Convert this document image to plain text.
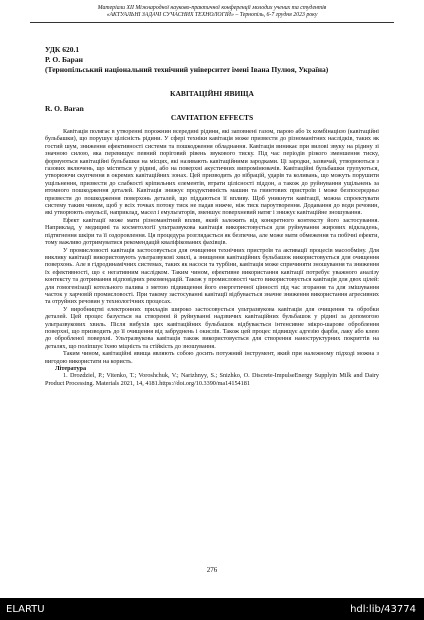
Матеріали XII Міжнародної науково-практичної конференції молодих учених та студентів
«АКТУАЛЬНІ ЗАДАЧІ СУЧАСНИХ ТЕХНОЛОГІЙ» – Тернопіль, 6-7 грудня 2023 року
УДК 620.1
Р. О. Баран
(Тернопільський національний технічний університет імені Івана Пулюя, Україна)
КАВІТАЦІЙНІ ЯВИЩА
R. O. Baran
CAVITATION EFFECTS

Кавітація полягає в утворенні порожнин всередині рідини, які заповнені газом, парою або їх комбінацією (кавітаційні бульбашки), що порушує цілісність рідини. У сфері техніки кавітація може призвести до різноманітних наслідків, таких як гостий шум, зниження ефективності системи та пошкодження обладнання. Кавітація виникає при вилові звуку на рідину зі значною силою, яка перевищує певний поріговий рівень звукового тиску. Під час періодів різкого зменшення тиску, формуються кавітаційні бульбашки на місцях, які називають кавітаційними зародками. Ці зародки, зазвичай, утворюються з газових включень, що містяться у рідині, або на поверхні акустичних випромінювачів. Кавітаційні бульбашки групуються, утворюючи скупчення в окремих кавітаційних зонах. Цей призводить до вібрацій, ударів та коливань, що можуть порушити ущільнення, призвести до слабкості кріпильних елементів, втрати цілісності піддон, а також до руйнування ущільнень за втомного пошкодження деталей. Кавітація знижує продуктивність машин та гвинтових пристроїв і може безпосередньо призвести до пошкодження поверхонь деталей, що піддаються її впливу. Щоб уникнути кавітації, можна спроектувати систему таким чином, щоб у всіх точках потоку тиск не падав нижче, ніж тиск пароутворення. Додавання до води речовин, які утворюють емульсії, наприклад, масел і емульгаторів, зменшує поверхневий натяг і знижує кавітаційне зношування.

Ефект кавітації може мати різноманітний вплив, який залежить від конкретного контексту його застосування. Наприклад, у медицині та косметології ультразвукова кавітація використовується для руйнування жирових відкладень, підтягнення шкіри та її оздоровлення. Ця процедура розглядається як безпечна, але може мати обмеження та побічні ефекти, тому важливо дотримуватися рекомендацій кваліфікованих фахівців.

У промисловості кавітація застосовується для очищення технічних пристроїв та активації процесів масообміну. Для виклику кавітації використовують ультразвукові хвилі, а знищення кавітаційних бульбашок використовується для очищення поверхонь. Але в гідродинамічних системах, таких як насоси та турбіни, кавітація може спричиняти зношування та зниження їх ефективності, що є негативним наслідком. Таким чином, ефективне використання кавітації потребує уважного аналізу контексту та дотримання відповідних рекомендацій. Також у промисловості часто використовується кавітація для двох цілей: для гомогенізації котельного палива з метою підвищення його енергетичної цінності під час згорання та для змішування часток у харчовій промисловості. При такому застосуванні кавітації відбувається значне зниження використання агресивних та отруйних речовин у технологічних процесах.

У виробництві електронних приладів широко застосовується ультразвукова кавітація для очищення та обробки деталей. Цей процес базується на створенні й руйнуванні надзвичих кавітаційних бульбашок у рідині за допомогою ультразвукових хвиль. Після вибухів цих кавітаційних бульбашок відбувається інтенсивне мікро-шарове оброблення поверхні, що призводить до її очищення від забруднень і окислів. Також цей процес підвищує адгезію фарби, лаку або клею до обробленої поверхні. Ультразвукова кавітація також використовується для створення наноструктурних покриттів на деталях, що поліпшує їхню міцність та стійкість до зношування.

Таким чином, кавітаційні явища являють собою досить потужний інструмент, який при належному підході можна з вигодою використати на користь.

Література

1. Drozdziel, P.; Vitenko, T.; Voroshchuk, V.; Narizhnyy, S.; Snizhko, O. Discrete-ImpulseEnergy Supplyin Milk and Dairy Product Processing. Materials 2021, 14, 4181.https://doi.org/10.3390/ma14154181

276
ELARTU	hdl:lib/43774
